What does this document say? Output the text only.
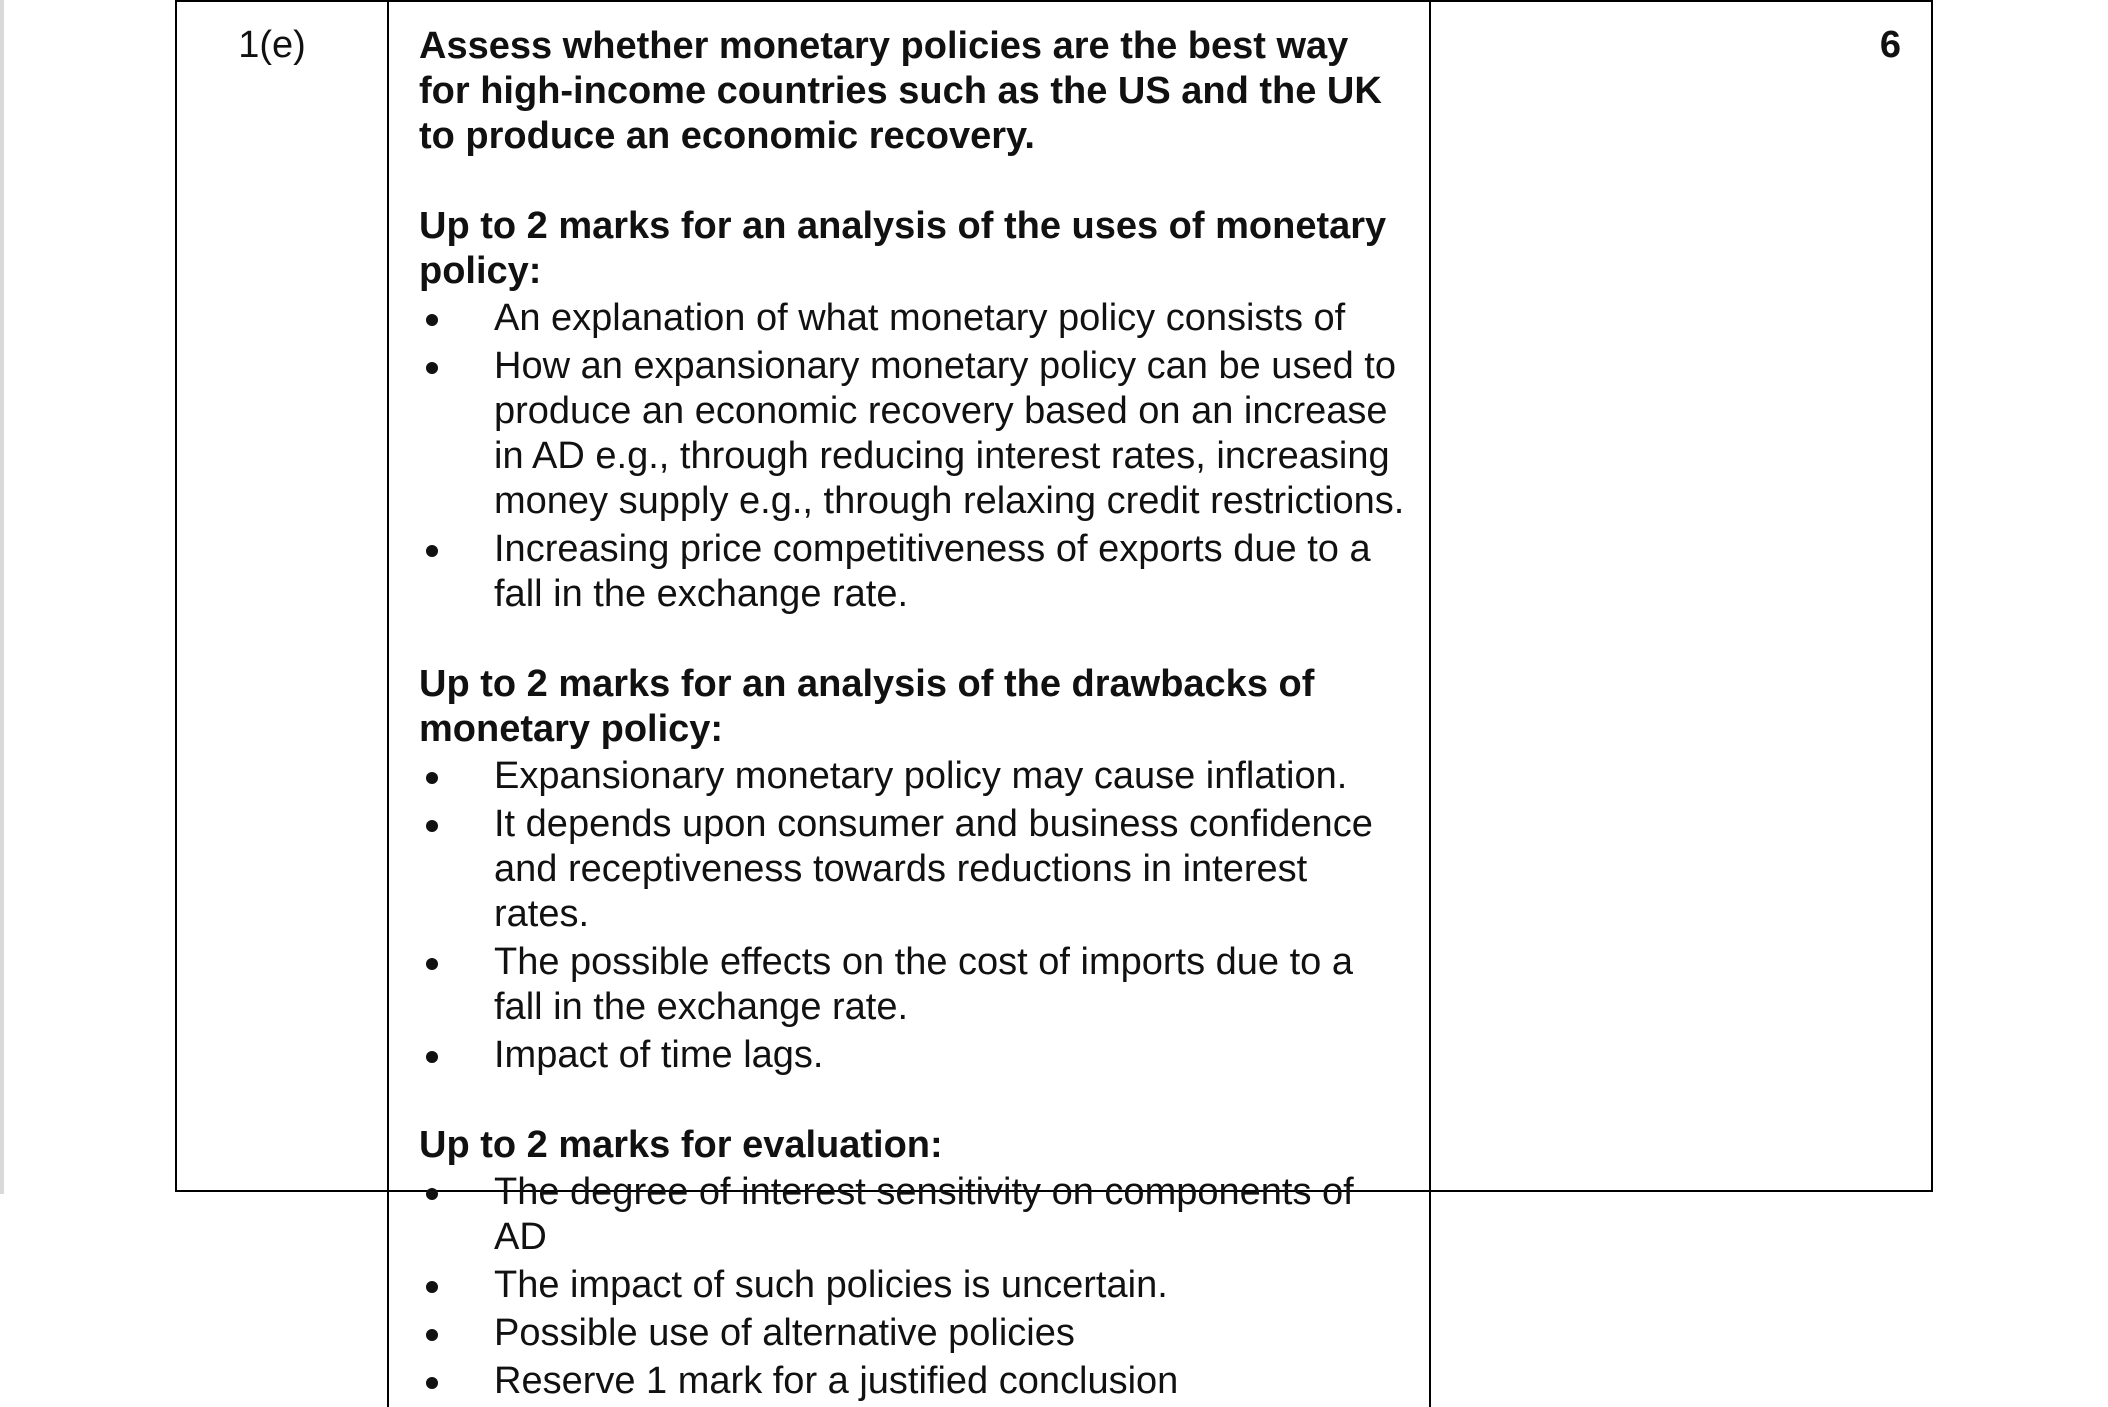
1(e)	Assess whether monetary policies are the best way for high-income countries such as the US and the UK to produce an economic recovery.

Up to 2 marks for an analysis of the uses of monetary policy:

An explanation of what monetary policy consists of
How an expansionary monetary policy can be used to produce an economic recovery based on an increase in AD e.g., through reducing interest rates, increasing money supply e.g., through relaxing credit restrictions.
Increasing price competitiveness of exports due to a fall in the exchange rate.

Up to 2 marks for an analysis of the drawbacks of monetary policy:

Expansionary monetary policy may cause inflation.
It depends upon consumer and business confidence and receptiveness towards reductions in interest rates.
The possible effects on the cost of imports due to a fall in the exchange rate.
Impact of time lags.

Up to 2 marks for evaluation:

The degree of interest sensitivity on components of AD
The impact of such policies is uncertain.
Possible use of alternative policies
Reserve 1 mark for a justified conclusion
6
